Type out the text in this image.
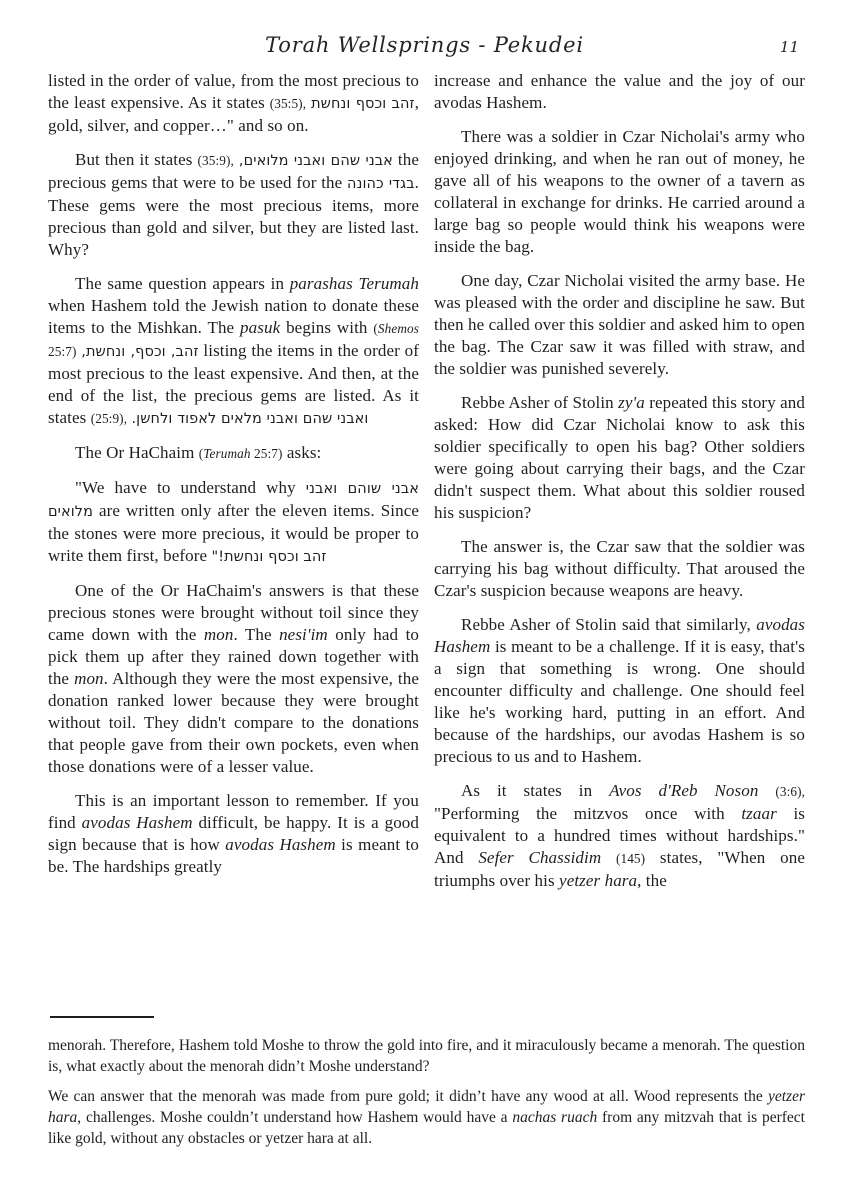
Torah Wellsprings - Pekudei	11

listed in the order of value, from the most precious to the least expensive. As it states (35:5), זהב וכסף ונחשת, gold, silver, and copper…" and so on.

But then it states (35:9), אבני שהם ואבני מלואים, the precious gems that were to be used for the בגדי כהונה. These gems were the most precious items, more precious than gold and silver, but they are listed last. Why?

The same question appears in parashas Terumah when Hashem told the Jewish nation to donate these items to the Mishkan. The pasuk begins with (Shemos 25:7) זהב, וכסף, ונחשת, listing the items in the order of most precious to the least expensive. And then, at the end of the list, the precious gems are listed. As it states (25:9), ואבני שהם ואבני מלאים לאפוד ולחשן.

The Or HaChaim (Terumah 25:7) asks:

"We have to understand why אבני שוהם ואבני מלואים are written only after the eleven items. Since the stones were more precious, it would be proper to write them first, before זהב וכסף ונחשת!"

One of the Or HaChaim's answers is that these precious stones were brought without toil since they came down with the mon. The nesi'im only had to pick them up after they rained down together with the mon. Although they were the most expensive, the donation ranked lower because they were brought without toil. They didn't compare to the donations that people gave from their own pockets, even when those donations were of a lesser value.

This is an important lesson to remember. If you find avodas Hashem difficult, be happy. It is a good sign because that is how avodas Hashem is meant to be. The hardships greatly

increase and enhance the value and the joy of our avodas Hashem.

There was a soldier in Czar Nicholai's army who enjoyed drinking, and when he ran out of money, he gave all of his weapons to the owner of a tavern as collateral in exchange for drinks. He carried around a large bag so people would think his weapons were inside the bag.

One day, Czar Nicholai visited the army base. He was pleased with the order and discipline he saw. But then he called over this soldier and asked him to open the bag. The Czar saw it was filled with straw, and the soldier was punished severely.

Rebbe Asher of Stolin zy'a repeated this story and asked: How did Czar Nicholai know to ask this soldier specifically to open his bag? Other soldiers were going about carrying their bags, and the Czar didn't suspect them. What about this soldier roused his suspicion?

The answer is, the Czar saw that the soldier was carrying his bag without difficulty. That aroused the Czar's suspicion because weapons are heavy.

Rebbe Asher of Stolin said that similarly, avodas Hashem is meant to be a challenge. If it is easy, that's a sign that something is wrong. One should encounter difficulty and challenge. One should feel like he's working hard, putting in an effort. And because of the hardships, our avodas Hashem is so precious to us and to Hashem.

As it states in Avos d'Reb Noson (3:6), "Performing the mitzvos once with tzaar is equivalent to a hundred times without hardships." And Sefer Chassidim (145) states, "When one triumphs over his yetzer hara, the

menorah. Therefore, Hashem told Moshe to throw the gold into fire, and it miraculously became a menorah. The question is, what exactly about the menorah didn’t Moshe understand?

We can answer that the menorah was made from pure gold; it didn’t have any wood at all. Wood represents the yetzer hara, challenges. Moshe couldn’t understand how Hashem would have a nachas ruach from any mitzvah that is perfect like gold, without any obstacles or yetzer hara at all.
